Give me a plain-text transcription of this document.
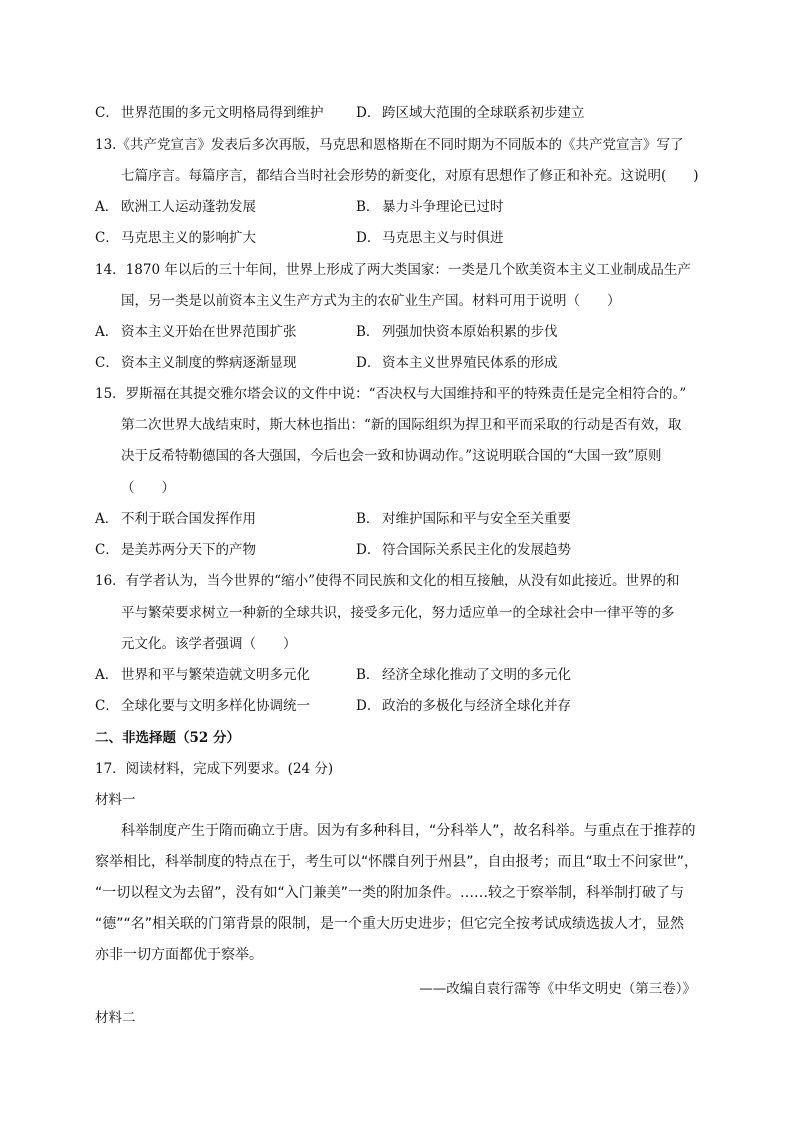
C． 世界范围的多元文明格局得到维护 D． 跨区域大范围的全球联系初步建立
13.《共产党宣言》发表后多次再版，马克思和恩格斯在不同时期为不同版本的《共产党宣言》写了
七篇序言。每篇序言，都结合当时社会形势的新变化，对原有思想作了修正和补充。这说明(　　)
A． 欧洲工人运动蓬勃发展	B． 暴力斗争理论已过时
C． 马克思主义的影响扩大	D． 马克思主义与时俱进
14．1870 年以后的三十年间，世界上形成了两大类国家：一类是几个欧美资本主义工业制成品生产
国，另一类是以前资本主义生产方式为主的农矿业生产国。材料可用于说明（　　）
A． 资本主义开始在世界范围扩张	B． 列强加快资本原始积累的步伐
C． 资本主义制度的弊病逐渐显现	D． 资本主义世界殖民体系的形成
15．罗斯福在其提交雅尔塔会议的文件中说：“否决权与大国维持和平的特殊责任是完全相符合的。”
第二次世界大战结束时，斯大林也指出：“新的国际组织为捍卫和平而采取的行动是否有效，取
决于反希特勒德国的各大强国，今后也会一致和协调动作。”这说明联合国的“大国一致”原则
（　　）
A． 不利于联合国发挥作用	B． 对维护国际和平与安全至关重要
C． 是美苏两分天下的产物	D． 符合国际关系民主化的发展趋势
16．有学者认为，当今世界的“缩小”使得不同民族和文化的相互接触，从没有如此接近。世界的和
平与繁荣要求树立一种新的全球共识，接受多元化，努力适应单一的全球社会中一律平等的多
元文化。该学者强调（　　）
A． 世界和平与繁荣造就文明多元化	B． 经济全球化推动了文明的多元化
C． 全球化要与文明多样化协调统一	D． 政治的多极化与经济全球化并存
二、非选择题（52 分）
17．阅读材料，完成下列要求。(24 分)
材料一
科举制度产生于隋而确立于唐。因为有多种科目，“分科举人”，故名科举。与重点在于推荐的
察举相比，科举制度的特点在于，考生可以“怀牒自列于州县”，自由报考；而且“取士不问家世”，
“一切以程文为去留”，没有如“入门兼美”一类的附加条件。……较之于察举制，科举制打破了与
“德”“名”相关联的门第背景的限制，是一个重大历史进步；但它完全按考试成绩选拔人才，显然
亦非一切方面都优于察举。
——改编自袁行霈等《中华文明史（第三卷）》
材料二
